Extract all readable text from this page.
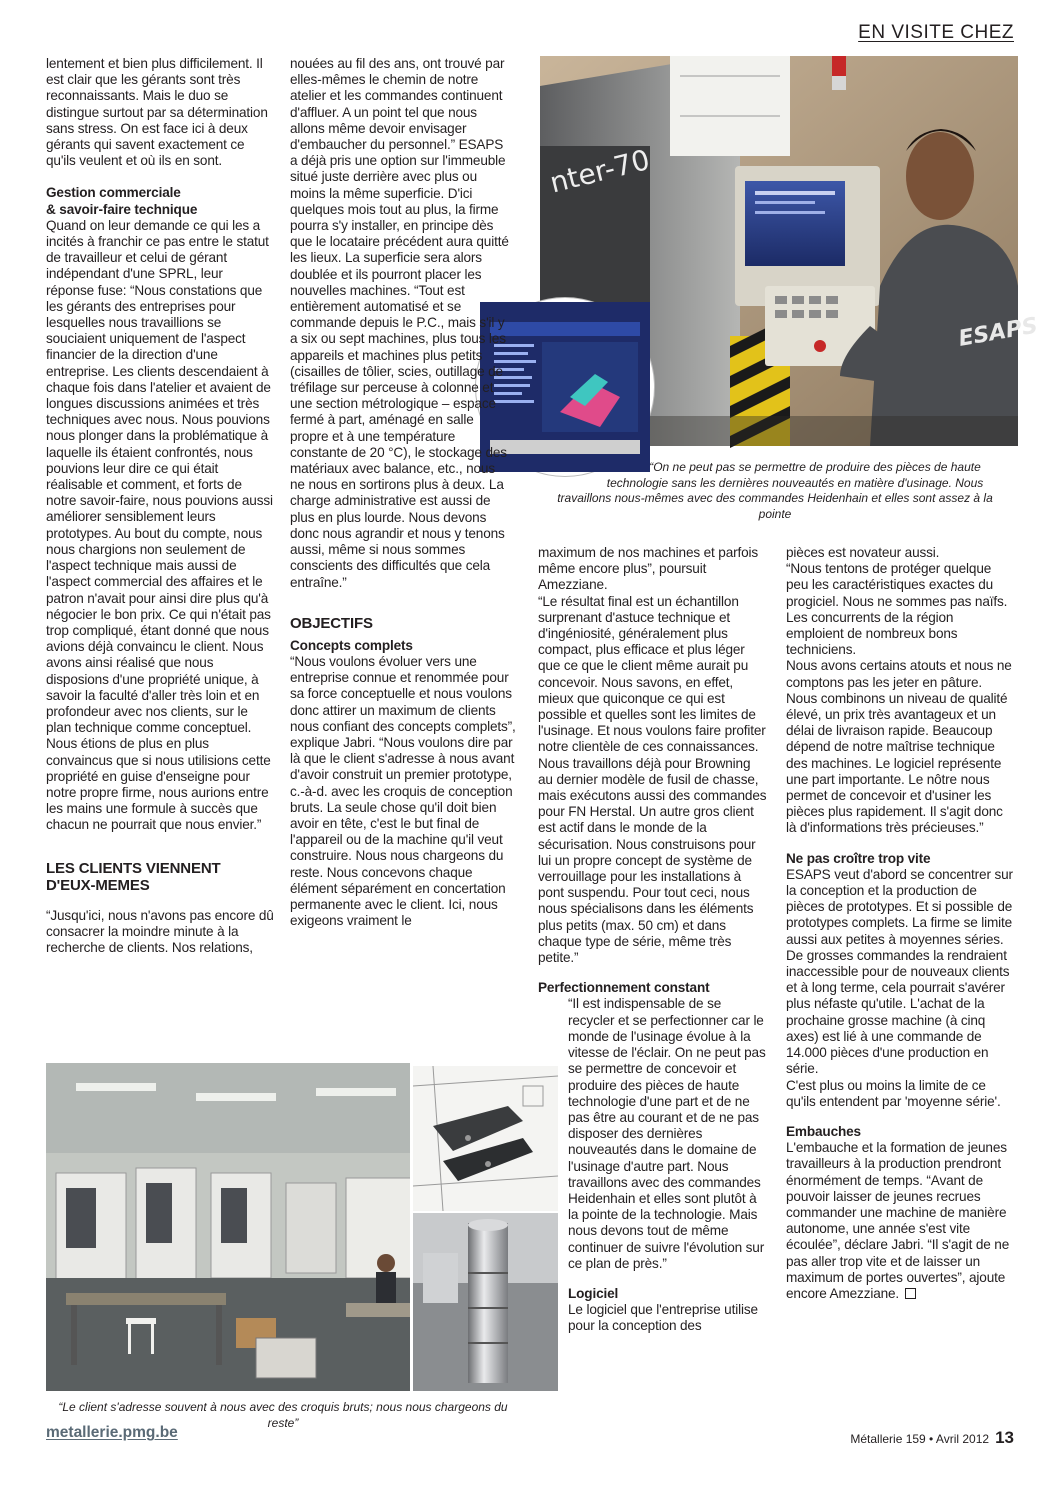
EN VISITE CHEZ
nter-70
ESAPS
“On ne peut pas se permettre de produire des pièces de haute
technologie sans les dernières nouveautés en matière d'usinage. Nous
travaillons nous-mêmes avec des commandes Heidenhain et elles sont assez à la pointe

lentement et bien plus difficilement. Il est clair que les gérants sont très reconnaissants. Mais le duo se distingue surtout par sa détermination sans stress. On est face ici à deux gérants qui savent exactement ce qu'ils veulent et où ils en sont.

Gestion commerciale
& savoir-faire technique

Quand on leur demande ce qui les a incités à franchir ce pas entre le statut de travailleur et celui de gérant indépendant d'une SPRL, leur réponse fuse: “Nous constations que les gérants des entreprises pour lesquelles nous travaillions se souciaient uniquement de l'aspect financier de la direction d'une entreprise. Les clients descendaient à chaque fois dans l'atelier et avaient de longues discussions animées et très techniques avec nous. Nous pouvions nous plonger dans la problématique à laquelle ils étaient confrontés, nous pouvions leur dire ce qui était réalisable et comment, et forts de notre savoir-faire, nous pouvions aussi améliorer sensiblement leurs prototypes. Au bout du compte, nous nous chargions non seulement de l'aspect technique mais aussi de l'aspect commercial des affaires et le patron n'avait pour ainsi dire plus qu'à négocier le bon prix. Ce qui n'était pas trop compliqué, étant donné que nous avions déjà convaincu le client. Nous avons ainsi réalisé que nous disposions d'une propriété unique, à savoir la faculté d'aller très loin et en profondeur avec nos clients, sur le plan technique comme conceptuel. Nous étions de plus en plus convaincus que si nous utilisions cette propriété en guise d'enseigne pour notre propre firme, nous aurions entre les mains une formule à succès que chacun ne pourrait que nous envier.”

LES CLIENTS VIENNENT
D'EUX-MEMES

“Jusqu'ici, nous n'avons pas encore dû consacrer la moindre minute à la recherche de clients. Nos relations,

nouées au fil des ans, ont trouvé par elles-mêmes le chemin de notre atelier et les commandes continuent d'affluer. A un point tel que nous allons même devoir envisager d'embaucher du personnel.” ESAPS a déjà pris une option sur l'immeuble situé juste derrière avec plus ou moins la même superficie. D'ici quelques mois tout au plus, la firme pourra s'y installer, en principe dès que le locataire précédent aura quitté les lieux. La superficie sera alors doublée et ils pourront placer les nouvelles machines. “Tout est entièrement automatisé et se commande depuis le P.C., mais s'il y a six ou sept machines, plus tous les appareils et machines plus petits (cisailles de tôlier, scies, outillage de tréfilage sur perceuse à colonne et une section métrologique – espace fermé à part, aménagé en salle propre et à une température constante de 20 °C), le stockage des matériaux avec balance, etc., nous ne nous en sortirons plus à deux. La charge administrative est aussi de plus en plus lourde. Nous devons donc nous agrandir et nous y tenons aussi, même si nous sommes conscients des difficultés que cela entraîne.”

OBJECTIFS

Concepts complets

“Nous voulons évoluer vers une entreprise connue et renommée pour sa force conceptuelle et nous voulons donc attirer un maximum de clients nous confiant des concepts complets”, explique Jabri. “Nous voulons dire par là que le client s'adresse à nous avant d'avoir construit un premier prototype, c.-à-d. avec les croquis de conception bruts. La seule chose qu'il doit bien avoir en tête, c'est le but final de l'appareil ou de la machine qu'il veut construire. Nous nous chargeons du reste. Nous concevons chaque élément séparément en concertation permanente avec le client. Ici, nous exigeons vraiment le

maximum de nos machines et parfois même encore plus”, poursuit Amezziane.

“Le résultat final est un échantillon surprenant d'astuce technique et d'ingéniosité, généralement plus compact, plus efficace et plus léger que ce que le client même aurait pu concevoir. Nous savons, en effet, mieux que quiconque ce qui est possible et quelles sont les limites de l'usinage. Et nous voulons faire profiter notre clientèle de ces connaissances. Nous travaillons déjà pour Browning au dernier modèle de fusil de chasse, mais exécutons aussi des commandes pour FN Herstal. Un autre gros client est actif dans le monde de la sécurisation. Nous construisons pour lui un propre concept de système de verrouillage pour les installations à pont suspendu. Pour tout ceci, nous nous spécialisons dans les éléments plus petits (max. 50 cm) et dans chaque type de série, même très petite.”

Perfectionnement constant

“Il est indispensable de se recycler et se perfectionner car le monde de l'usinage évolue à la vitesse de l'éclair. On ne peut pas se permettre de concevoir et produire des pièces de haute technologie d'une part et de ne pas être au courant et de ne pas disposer des dernières nouveautés dans le domaine de l'usinage d'autre part. Nous travaillons avec des commandes Heidenhain et elles sont plutôt à la pointe de la technologie. Mais nous devons tout de même continuer de suivre l'évolution sur ce plan de près.”

Logiciel

Le logiciel que l'entreprise utilise pour la conception des

pièces est novateur aussi.

“Nous tentons de protéger quelque peu les caractéristiques exactes du progiciel. Nous ne sommes pas naïfs. Les concurrents de la région emploient de nombreux bons techniciens.

Nous avons certains atouts et nous ne comptons pas les jeter en pâture. Nous combinons un niveau de qualité élevé, un prix très avantageux et un délai de livraison rapide. Beaucoup dépend de notre maîtrise technique des machines. Le logiciel représente une part importante. Le nôtre nous permet de concevoir et d'usiner les pièces plus rapidement. Il s'agit donc là d'informations très précieuses.”

Ne pas croître trop vite

ESAPS veut d'abord se concentrer sur la conception et la production de pièces de prototypes. Et si possible de prototypes complets. La firme se limite aussi aux petites à moyennes séries. De grosses commandes la rendraient inaccessible pour de nouveaux clients et à long terme, cela pourrait s'avérer plus néfaste qu'utile. L'achat de la prochaine grosse machine (à cinq axes) est lié à une commande de 14.000 pièces d'une production en série.

C'est plus ou moins la limite de ce qu'ils entendent par 'moyenne série'.

Embauches

L'embauche et la formation de jeunes travailleurs à la production prendront énormément de temps. “Avant de pouvoir laisser de jeunes recrues commander une machine de manière autonome, une année s'est vite écoulée”, déclare Jabri. “Il s'agit de ne pas aller trop vite et de laisser un maximum de portes ouvertes”, ajoute encore Amezziane.

“Le client s'adresse souvent à nous avec des croquis bruts; nous nous chargeons du reste”
metallerie.pmg.be	Métallerie 159 • Avril 2012 13
